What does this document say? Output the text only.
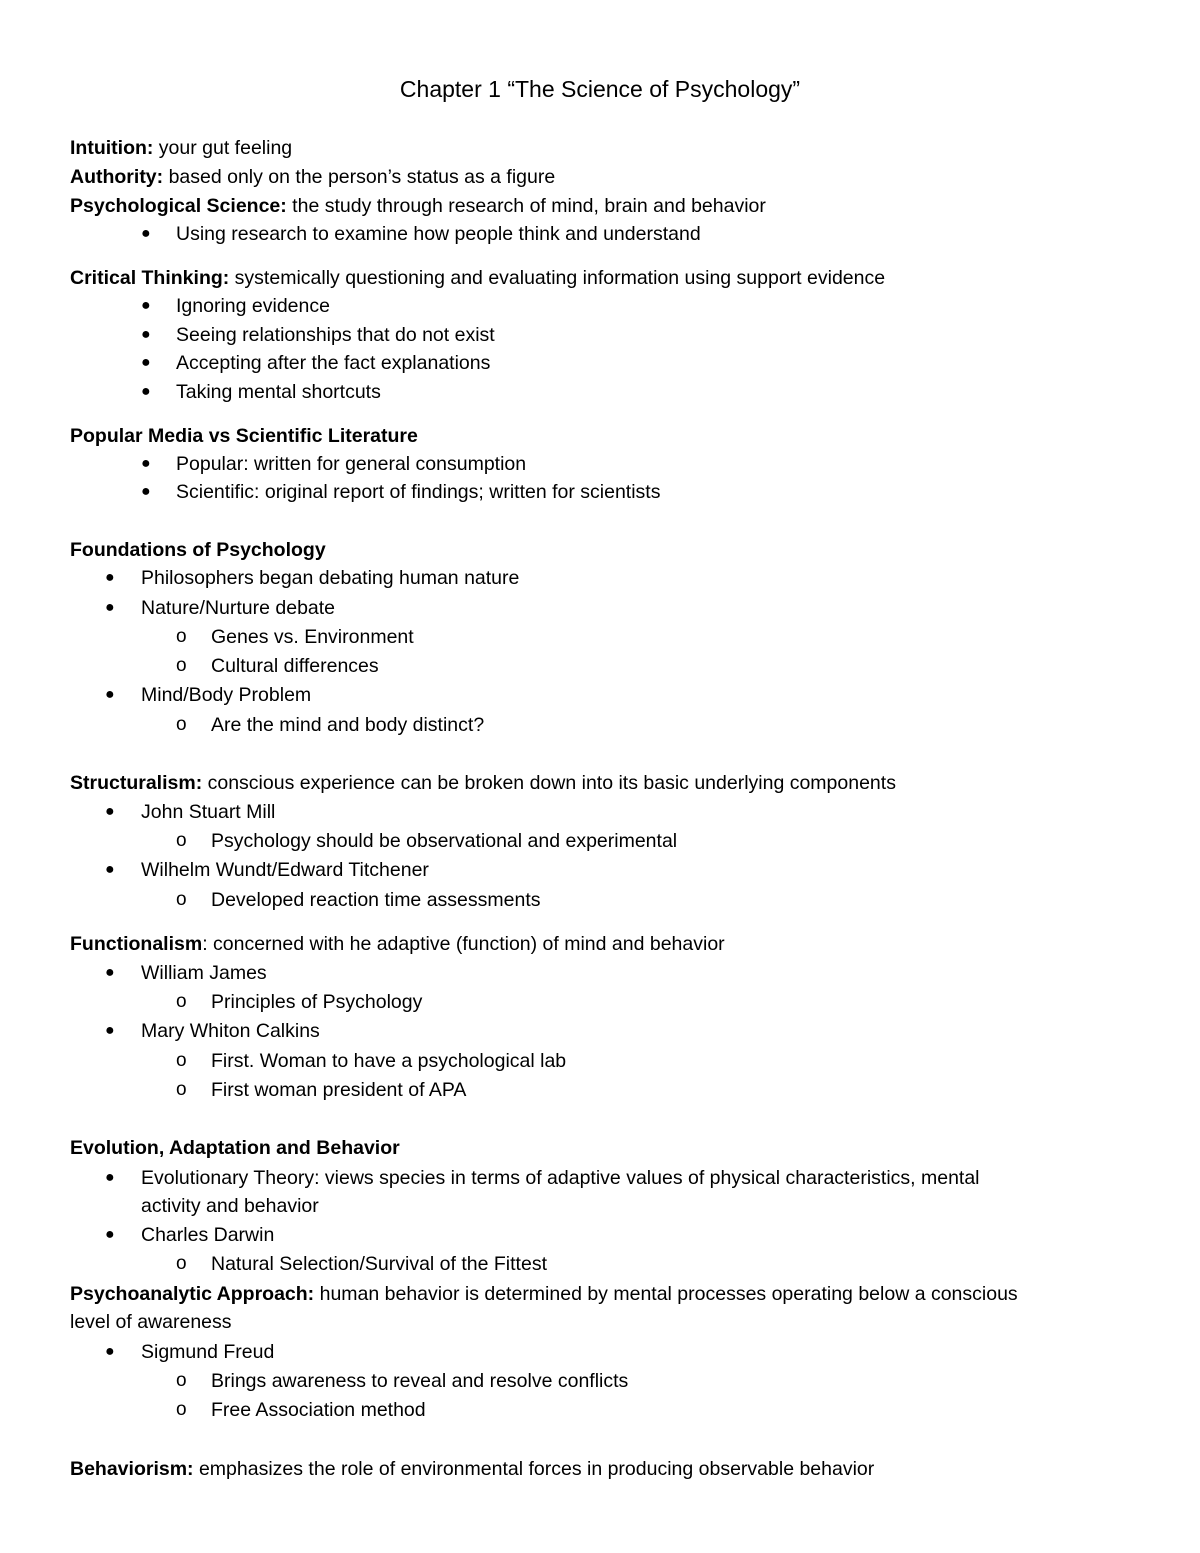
Chapter 1 “The Science of Psychology”
Intuition: your gut feeling
Authority: based only on the person’s status as a figure
Psychological Science: the study through research of mind, brain and behavior
● Using research to examine how people think and understand
Critical Thinking: systemically questioning and evaluating information using support evidence
● Ignoring evidence
● Seeing relationships that do not exist
● Accepting after the fact explanations
● Taking mental shortcuts
Popular Media vs Scientific Literature
● Popular: written for general consumption
● Scientific: original report of findings; written for scientists
Foundations of Psychology
● Philosophers began debating human nature
● Nature/Nurture debate
o Genes vs. Environment
o Cultural differences
● Mind/Body Problem
o Are the mind and body distinct?
Structuralism: conscious experience can be broken down into its basic underlying components
● John Stuart Mill
o Psychology should be observational and experimental
● Wilhelm Wundt/Edward Titchener
o Developed reaction time assessments
Functionalism: concerned with he adaptive (function) of mind and behavior
● William James
o Principles of Psychology
● Mary Whiton Calkins
o First. Woman to have a psychological lab
o First woman president of APA
Evolution, Adaptation and Behavior
● Evolutionary Theory: views species in terms of adaptive values of physical characteristics, mental
activity and behavior
● Charles Darwin
o Natural Selection/Survival of the Fittest
Psychoanalytic Approach: human behavior is determined by mental processes operating below a conscious
level of awareness
● Sigmund Freud
o Brings awareness to reveal and resolve conflicts
o Free Association method
Behaviorism: emphasizes the role of environmental forces in producing observable behavior
